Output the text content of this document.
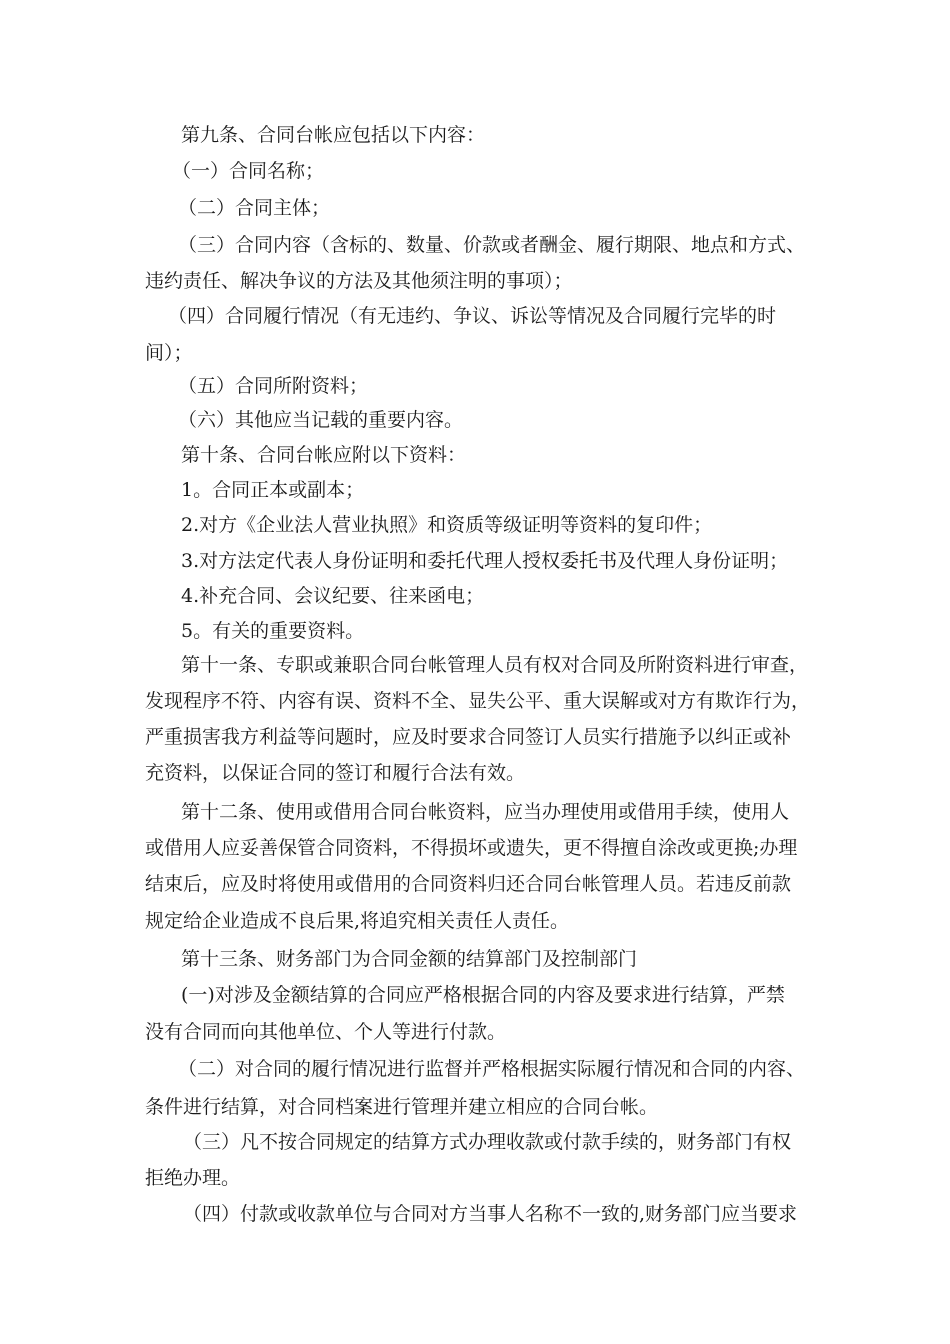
第九条、合同台帐应包括以下内容：
（一）合同名称；
（二）合同主体；
（三）合同内容（含标的、数量、价款或者酬金、履行期限、地点和方式、
违约责任、解决争议的方法及其他须注明的事项）；
（四）合同履行情况（有无违约、争议、诉讼等情况及合同履行完毕的时
间）；
（五）合同所附资料；
（六）其他应当记载的重要内容。
第十条、合同台帐应附以下资料：
1。合同正本或副本；
2.对方《企业法人营业执照》和资质等级证明等资料的复印件；
3.对方法定代表人身份证明和委托代理人授权委托书及代理人身份证明；
4.补充合同、会议纪要、往来函电；
5。有关的重要资料。
第十一条、专职或兼职合同台帐管理人员有权对合同及所附资料进行审查，
发现程序不符、内容有误、资料不全、显失公平、重大误解或对方有欺诈行为，
严重损害我方利益等问题时，应及时要求合同签订人员实行措施予以纠正或补
充资料，以保证合同的签订和履行合法有效。
第十二条、使用或借用合同台帐资料，应当办理使用或借用手续，使用人
或借用人应妥善保管合同资料，不得损坏或遗失，更不得擅自涂改或更换;办理
结束后，应及时将使用或借用的合同资料归还合同台帐管理人员。若违反前款
规定给企业造成不良后果,将追究相关责任人责任。
第十三条、财务部门为合同金额的结算部门及控制部门
(一)对涉及金额结算的合同应严格根据合同的内容及要求进行结算，严禁
没有合同而向其他单位、个人等进行付款。
（二）对合同的履行情况进行监督并严格根据实际履行情况和合同的内容、
条件进行结算，对合同档案进行管理并建立相应的合同台帐。
（三）凡不按合同规定的结算方式办理收款或付款手续的，财务部门有权
拒绝办理。
（四）付款或收款单位与合同对方当事人名称不一致的,财务部门应当要求
